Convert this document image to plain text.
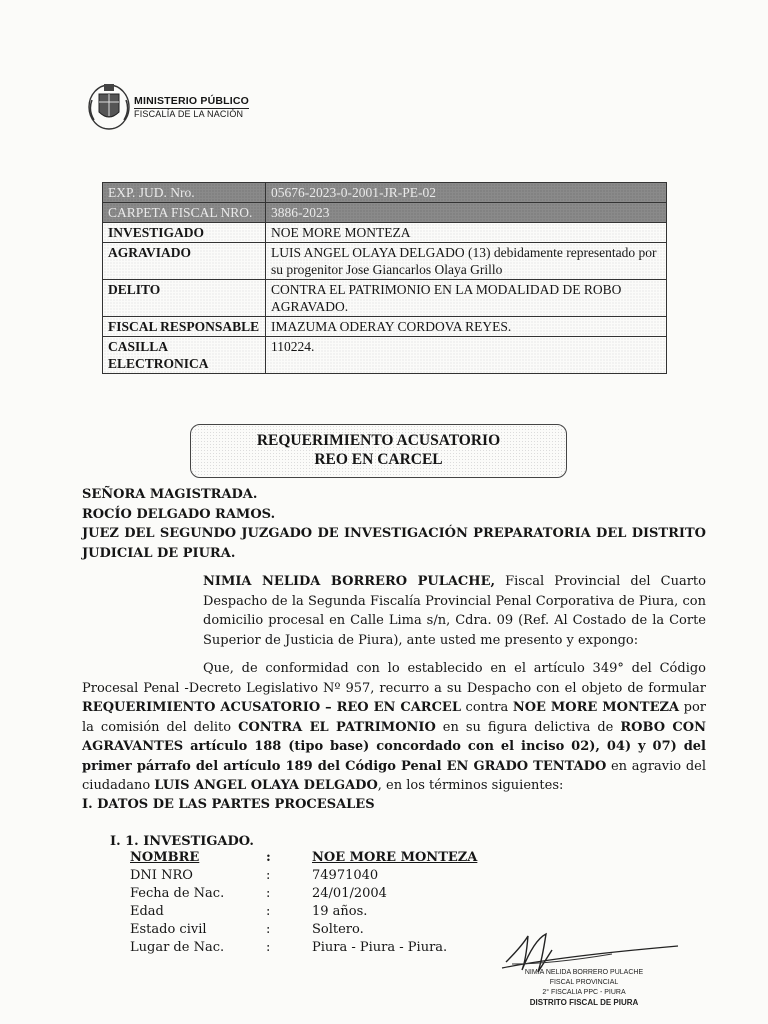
MINISTERIO PÚBLICO
FISCALÍA DE LA NACIÓN
EXP. JUD. Nro.	05676-2023-0-2001-JR-PE-02
CARPETA FISCAL NRO.	3886-2023
INVESTIGADO	NOE MORE MONTEZA
AGRAVIADO	LUIS ANGEL OLAYA DELGADO (13) debidamente representado por su progenitor Jose Giancarlos Olaya Grillo
DELITO	CONTRA EL PATRIMONIO EN LA MODALIDAD DE ROBO AGRAVADO.
FISCAL RESPONSABLE	IMAZUMA ODERAY CORDOVA REYES.
CASILLA ELECTRONICA	110224.
REQUERIMIENTO ACUSATORIO
REO EN CARCEL
SEÑORA MAGISTRADA.
ROCÍO DELGADO RAMOS.
JUEZ DEL SEGUNDO JUZGADO DE INVESTIGACIÓN PREPARATORIA DEL DISTRITO JUDICIAL DE PIURA.
NIMIA NELIDA BORRERO PULACHE, Fiscal Provincial del Cuarto Despacho de la Segunda Fiscalía Provincial Penal Corporativa de Piura, con domicilio procesal en Calle Lima s/n, Cdra. 09 (Ref. Al Costado de la Corte Superior de Justicia de Piura), ante usted me presento y expongo:
Que, de conformidad con lo establecido en el artículo 349° del Código Procesal Penal -Decreto Legislativo Nº 957, recurro a su Despacho con el objeto de formular REQUERIMIENTO ACUSATORIO – REO EN CARCEL contra NOE MORE MONTEZA por la comisión del delito CONTRA EL PATRIMONIO en su figura delictiva de ROBO CON AGRAVANTES artículo 188 (tipo base) concordado con el inciso 02), 04) y 07) del primer párrafo del artículo 189 del Código Penal EN GRADO TENTADO en agravio del ciudadano LUIS ANGEL OLAYA DELGADO, en los términos siguientes:
I. DATOS DE LAS PARTES PROCESALES
I. 1. INVESTIGADO.
NOMBRE	:	NOE MORE MONTEZA
DNI NRO	:	74971040
Fecha de Nac.	:	24/01/2004
Edad	:	19 años.
Estado civil	:	Soltero.
Lugar de Nac.	:	Piura - Piura - Piura.
NIMIA NELIDA BORRERO PULACHE
FISCAL PROVINCIAL
2° FISCALIA PPC - PIURA
DISTRITO FISCAL DE PIURA
